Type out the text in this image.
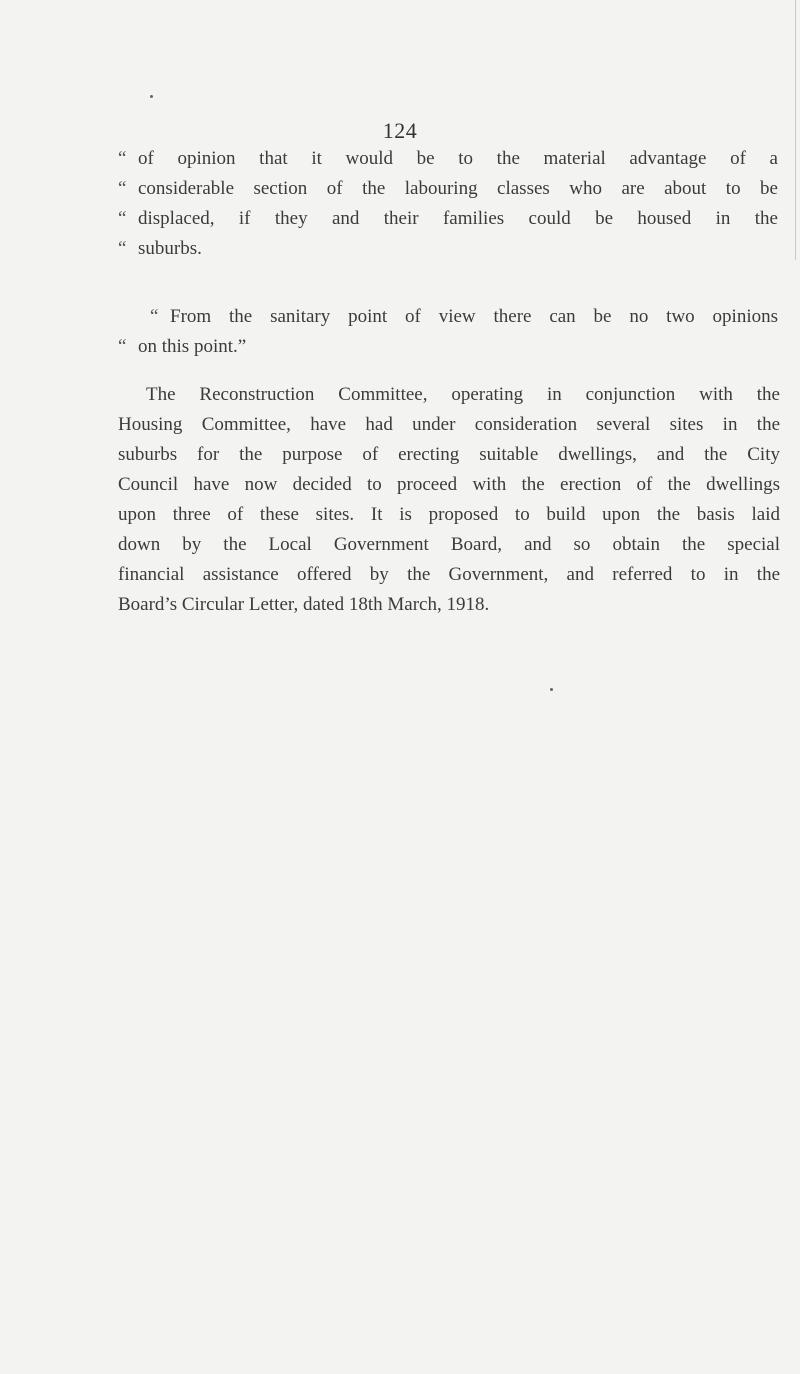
124
“ of opinion that it would be to the material advantage of a
“ considerable section of the labouring classes who are about to be
“ displaced, if they and their families could be housed in the
“ suburbs.
“ From the sanitary point of view there can be no two opinions
“ on this point.”
The Reconstruction Committee, operating in conjunction with the
Housing Committee, have had under consideration several sites in the
suburbs for the purpose of erecting suitable dwellings, and the City
Council have now decided to proceed with the erection of the dwellings
upon three of these sites. It is proposed to build upon the basis laid
down by the Local Government Board, and so obtain the special
financial assistance offered by the Government, and referred to in the
Board’s Circular Letter, dated 18th March, 1918.
